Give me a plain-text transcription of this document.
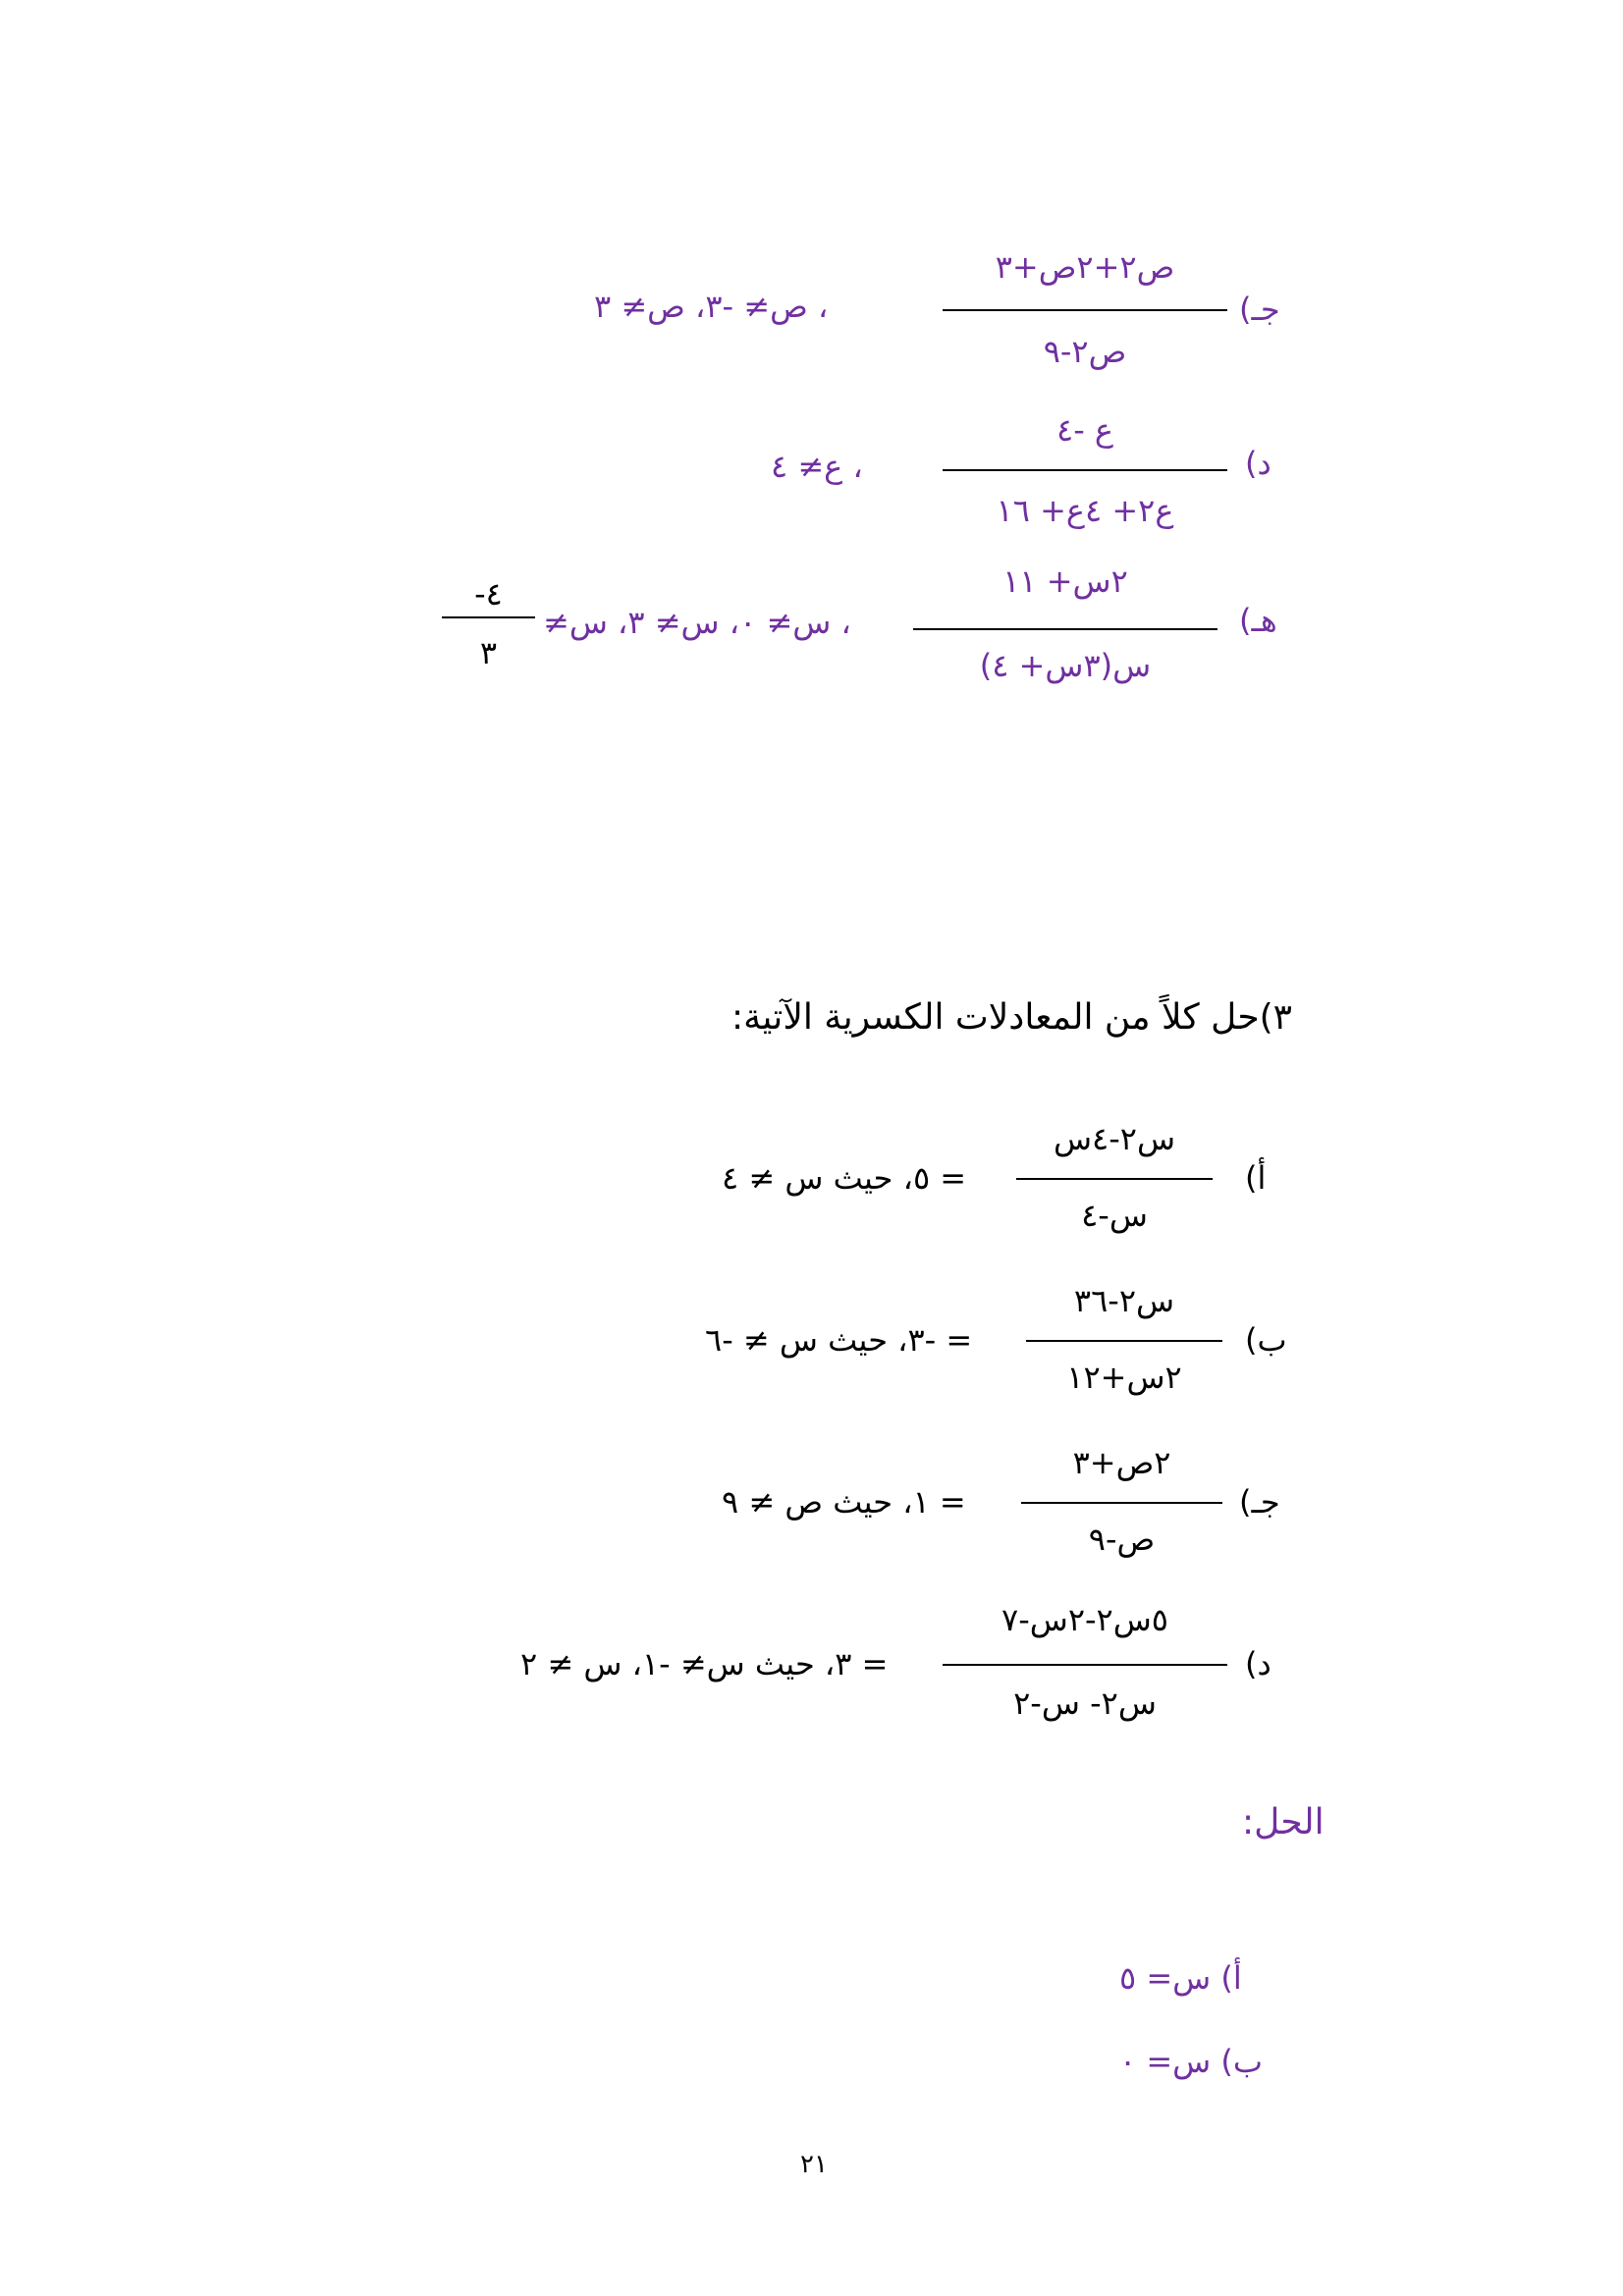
جـ)
ص٢+٢ص+٣
ص٢-٩
، ص≠ -٣، ص≠ ٣
د)
ع -٤
ع٢+ ٤ع+ ١٦
، ع≠ ٤
هـ)
٢س+ ١١
س(٣س+ ٤)
، س≠ ٠، س≠ ٣، س≠
-٤
٣
٣)حل كلاً من المعادلات الكسرية الآتية:
أ)
س٢-٤س
س-٤
= ٥، حيث س ≠ ٤
ب)
س٢-٣٦
٢س+١٢
= -٣، حيث س ≠ -٦
جـ)
٢ص+٣
ص-٩
= ١، حيث ص ≠ ٩
د)
٥س٢-٢س-٧
س٢- س-٢
= ٣، حيث س≠ -١، س ≠ ٢
الحل:
أ) س= ٥
ب) س= ٠
٢١
